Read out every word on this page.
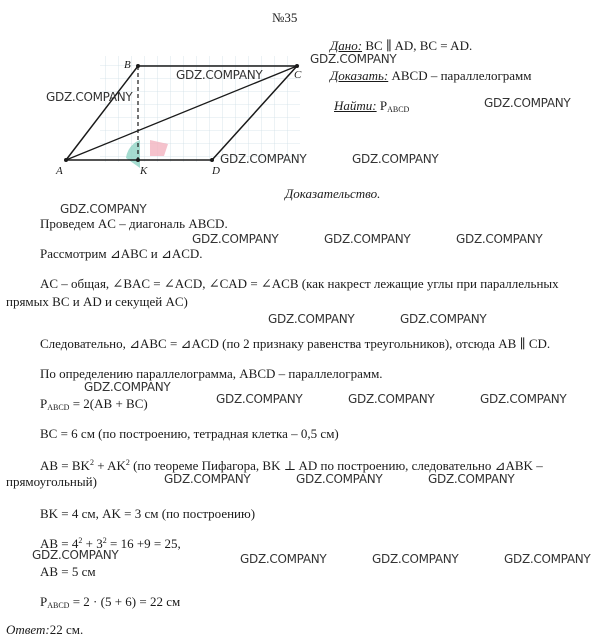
№35
Дано: BC ∥ AD, BC = AD.
Доказать: ABCD – параллелограмм
Найти: PABCD
A
B
C
D
K
Доказательство.
Проведем AC – диагональ ABCD.
Рассмотрим ⊿ABC и ⊿ACD.
AC – общая, ∠BAC = ∠ACD, ∠CAD = ∠ACB (как накрест лежащие углы при параллельных
прямых BC и AD и секущей AC)
Следовательно, ⊿ABC = ⊿ACD (по 2 признаку равенства треугольников), отсюда AB ∥ CD.
По определению параллелограмма, ABCD – параллелограмм.
PABCD = 2(AB + BC)
BC = 6 см (по построению, тетрадная клетка – 0,5 см)
AB = $BK^2 + AK^2$ (по теореме Пифагора, BK ⊥ AD по построению, следовательно ⊿ABK –
прямоугольный)
BK = 4 см, AK = 3 см (по построению)
AB = $4^2 + 3^2 = 16 +9 = 25$,
AB = 5 см
PABCD = 2 · (5 + 6) = 22 см
Ответ:22 см.
GDZ.COMPANY
GDZ.COMPANY
GDZ.COMPANY	GDZ.COMPANY
GDZ.COMPANY	GDZ.COMPANY
GDZ.COMPANY
GDZ.COMPANY	GDZ.COMPANY	GDZ.COMPANY
GDZ.COMPANY	GDZ.COMPANY
GDZ.COMPANY
GDZ.COMPANY	GDZ.COMPANY	GDZ.COMPANY
GDZ.COMPANY	GDZ.COMPANY	GDZ.COMPANY
GDZ.COMPANY	GDZ.COMPANY	GDZ.COMPANY	GDZ.COMPANY
